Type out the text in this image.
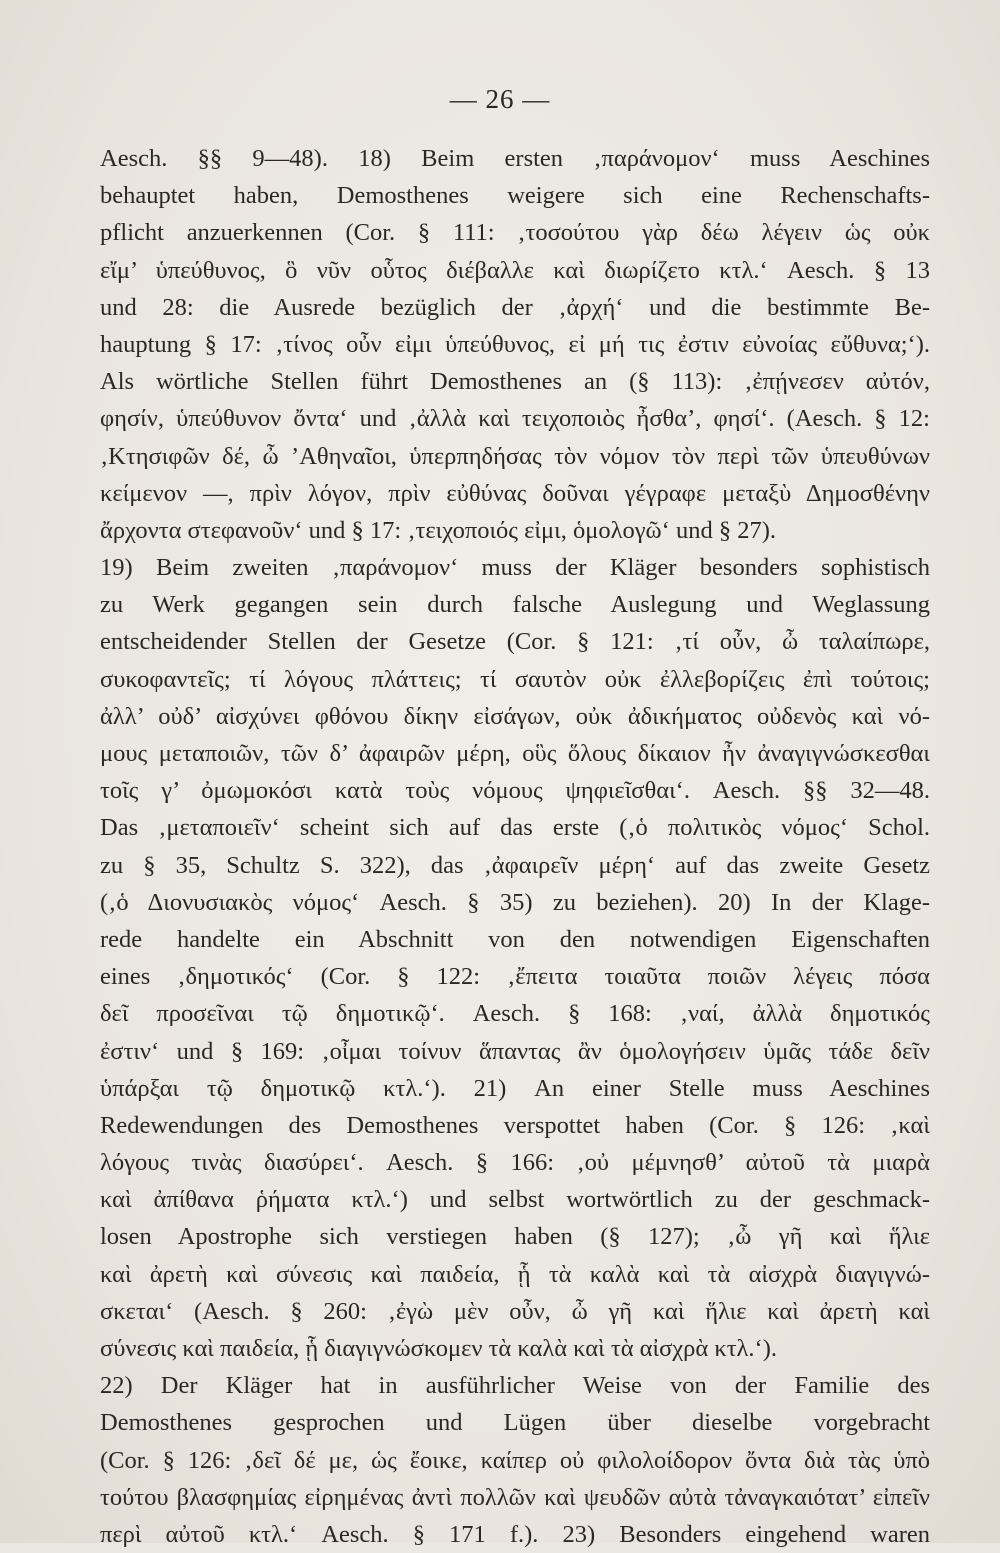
— 26 —
Aesch. §§ 9—48). 18) Beim ersten ‚παράνομον‘ muss Aeschines
behauptet haben, Demosthenes weigere sich eine Rechenschafts-
pflicht anzuerkennen (Cor. § 111: ‚τοσούτου γὰρ δέω λέγειν ὡς οὐκ
εἴμ’ ὑπεύθυνος, ὃ νῦν οὗτος διέβαλλε καὶ διωρίζετο κτλ.‘ Aesch. § 13
und 28: die Ausrede bezüglich der ‚ἀρχή‘ und die bestimmte Be-
hauptung § 17: ‚τίνος οὖν εἰμι ὑπεύθυνος, εἰ μή τις ἐστιν εὐνοίας εὔθυνα;‘).
Als wörtliche Stellen führt Demosthenes an (§ 113): ‚ἐπῄνεσεν αὐτόν,
φησίν, ὑπεύθυνον ὄντα‘ und ‚ἀλλὰ καὶ τειχοποιὸς ἦσθα’, φησί‘. (Aesch. § 12:
‚Κτησιφῶν δέ, ὦ ’Αθηναῖοι, ὑπερπηδήσας τὸν νόμον τὸν περὶ τῶν ὑπευθύνων
κείμενον —, πρὶν λόγον, πρὶν εὐθύνας δοῦναι γέγραφε μεταξὺ Δημοσθένην
ἄρχοντα στεφανοῦν‘ und § 17: ‚τειχοποιός εἰμι, ὁμολογῶ‘ und § 27).
19) Beim zweiten ‚παράνομον‘ muss der Kläger besonders sophistisch
zu Werk gegangen sein durch falsche Auslegung und Weglassung
entscheidender Stellen der Gesetze (Cor. § 121: ‚τί οὖν, ὦ ταλαίπωρε,
συκοφαντεῖς; τί λόγους πλάττεις; τί σαυτὸν οὐκ ἐλλεβορίζεις ἐπὶ τούτοις;
ἀλλ’ οὐδ’ αἰσχύνει φθόνου δίκην εἰσάγων, οὐκ ἀδικήματος οὐδενὸς καὶ νό-
μους μεταποιῶν, τῶν δ’ ἀφαιρῶν μέρη, οὓς ὅλους δίκαιον ἦν ἀναγιγνώσκεσθαι
τοῖς γ’ ὀμωμοκόσι κατὰ τοὺς νόμους ψηφιεῖσθαι‘. Aesch. §§ 32—48.
Das ‚μεταποιεῖν‘ scheint sich auf das erste (‚ὁ πολιτικὸς νόμος‘ Schol.
zu § 35, Schultz S. 322), das ‚ἀφαιρεῖν μέρη‘ auf das zweite Gesetz
(‚ὁ Διονυσιακὸς νόμος‘ Aesch. § 35) zu beziehen). 20) In der Klage-
rede handelte ein Abschnitt von den notwendigen Eigenschaften
eines ‚δημοτικός‘ (Cor. § 122: ‚ἔπειτα τοιαῦτα ποιῶν λέγεις πόσα
δεῖ προσεῖναι τῷ δημοτικῷ‘. Aesch. § 168: ‚ναί, ἀλλὰ δημοτικός
ἐστιν‘ und § 169: ‚οἶμαι τοίνυν ἅπαντας ἂν ὁμολογήσειν ὑμᾶς τάδε δεῖν
ὑπάρξαι τῷ δημοτικῷ κτλ.‘). 21) An einer Stelle muss Aeschines
Redewendungen des Demosthenes verspottet haben (Cor. § 126: ‚καὶ
λόγους τινὰς διασύρει‘. Aesch. § 166: ‚οὐ μέμνησθ’ αὐτοῦ τὰ μιαρὰ
καὶ ἀπίθανα ῥήματα κτλ.‘) und selbst wortwörtlich zu der geschmack-
losen Apostrophe sich verstiegen haben (§ 127); ‚ὦ γῆ καὶ ἥλιε
καὶ ἀρετὴ καὶ σύνεσις καὶ παιδεία, ᾗ τὰ καλὰ καὶ τὰ αἰσχρὰ διαγιγνώ-
σκεται‘ (Aesch. § 260: ‚ἐγὼ μὲν οὖν, ὦ γῆ καὶ ἥλιε καὶ ἀρετὴ καὶ
σύνεσις καὶ παιδεία, ᾗ διαγιγνώσκομεν τὰ καλὰ καὶ τὰ αἰσχρὰ κτλ.‘).
22) Der Kläger hat in ausführlicher Weise von der Familie des
Demosthenes gesprochen und Lügen über dieselbe vorgebracht
(Cor. § 126: ‚δεῖ δέ με, ὡς ἔοικε, καίπερ οὐ φιλολοίδορον ὄντα διὰ τὰς ὑπὸ
τούτου βλασφημίας εἰρημένας ἀντὶ πολλῶν καὶ ψευδῶν αὐτὰ τἀναγκαιότατ’ εἰπεῖν
περὶ αὐτοῦ κτλ.‘ Aesch. § 171 f.). 23) Besonders eingehend waren
